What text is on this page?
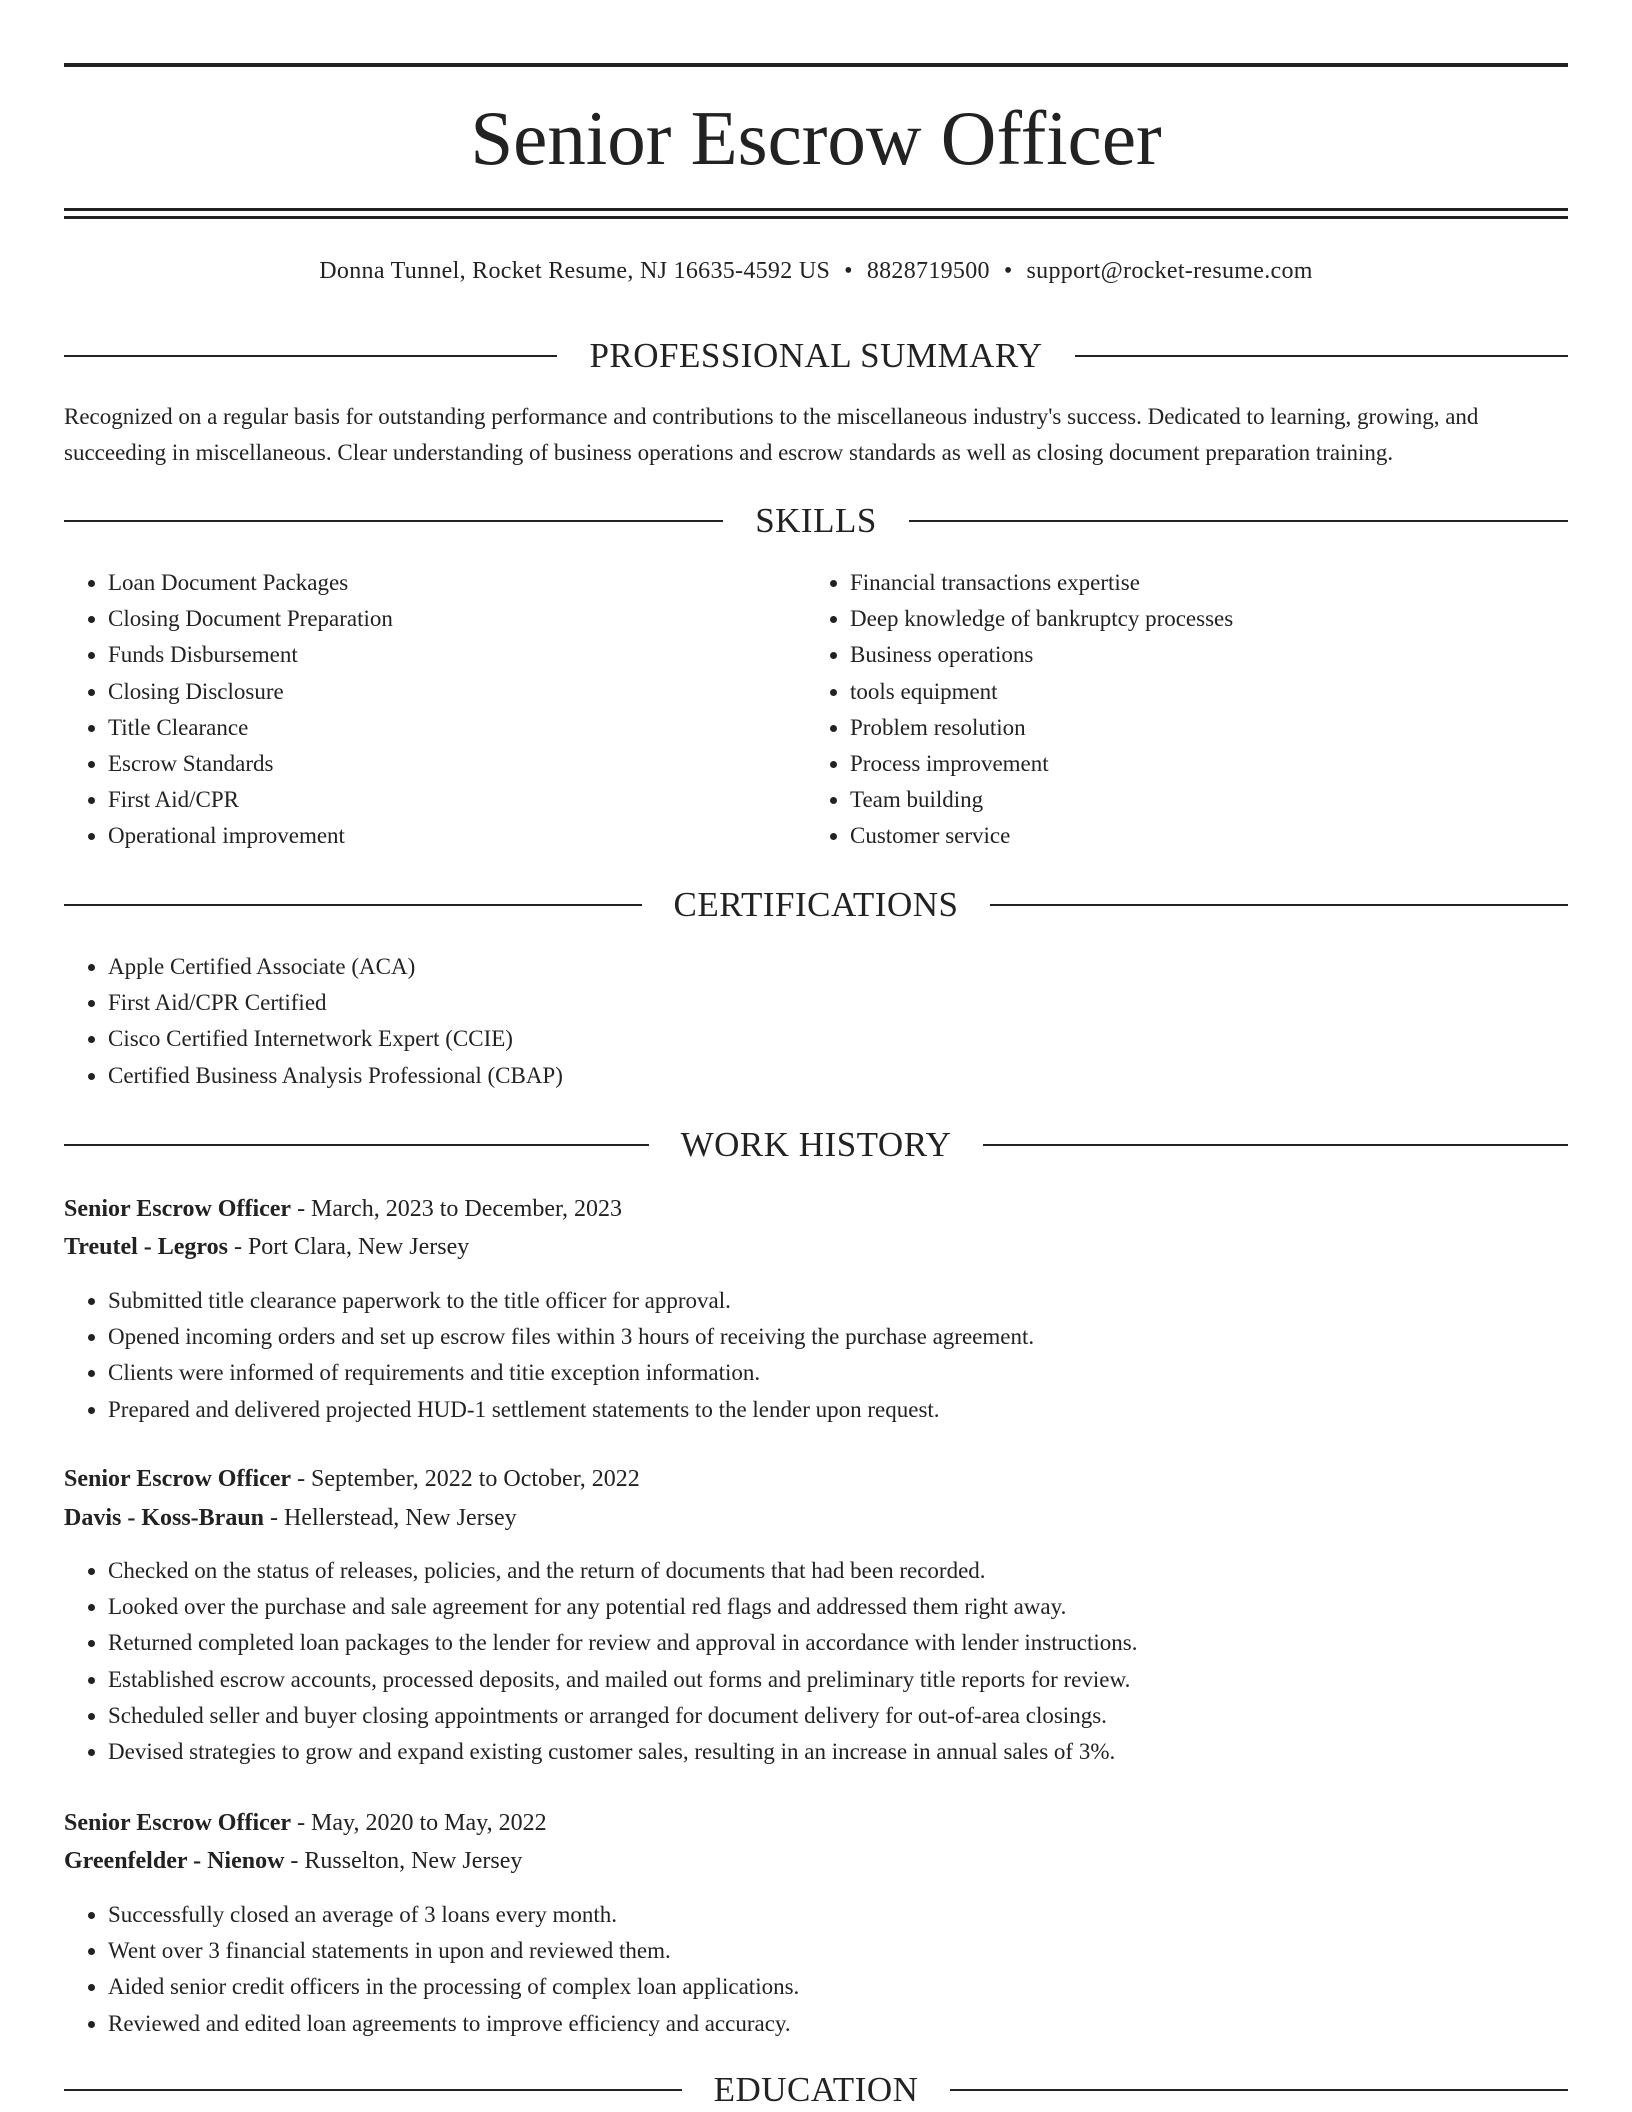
Senior Escrow Officer
Donna Tunnel, Rocket Resume, NJ 16635-4592 US • 8828719500 • support@rocket-resume.com
PROFESSIONAL SUMMARY
Recognized on a regular basis for outstanding performance and contributions to the miscellaneous industry's success. Dedicated to learning, growing, and succeeding in miscellaneous. Clear understanding of business operations and escrow standards as well as closing document preparation training.
SKILLS
• Loan Document Packages
• Closing Document Preparation
• Funds Disbursement
• Closing Disclosure
• Title Clearance
• Escrow Standards
• First Aid/CPR
• Operational improvement
• Financial transactions expertise
• Deep knowledge of bankruptcy processes
• Business operations
• tools equipment
• Problem resolution
• Process improvement
• Team building
• Customer service
CERTIFICATIONS
• Apple Certified Associate (ACA)
• First Aid/CPR Certified
• Cisco Certified Internetwork Expert (CCIE)
• Certified Business Analysis Professional (CBAP)
WORK HISTORY
Senior Escrow Officer - March, 2023 to December, 2023
Treutel - Legros - Port Clara, New Jersey
• Submitted title clearance paperwork to the title officer for approval.
• Opened incoming orders and set up escrow files within 3 hours of receiving the purchase agreement.
• Clients were informed of requirements and titie exception information.
• Prepared and delivered projected HUD-1 settlement statements to the lender upon request.
Senior Escrow Officer - September, 2022 to October, 2022
Davis - Koss-Braun - Hellerstead, New Jersey
• Checked on the status of releases, policies, and the return of documents that had been recorded.
• Looked over the purchase and sale agreement for any potential red flags and addressed them right away.
• Returned completed loan packages to the lender for review and approval in accordance with lender instructions.
• Established escrow accounts, processed deposits, and mailed out forms and preliminary title reports for review.
• Scheduled seller and buyer closing appointments or arranged for document delivery for out-of-area closings.
• Devised strategies to grow and expand existing customer sales, resulting in an increase in annual sales of 3%.
Senior Escrow Officer - May, 2020 to May, 2022
Greenfelder - Nienow - Russelton, New Jersey
• Successfully closed an average of 3 loans every month.
• Went over 3 financial statements in upon and reviewed them.
• Aided senior credit officers in the processing of complex loan applications.
• Reviewed and edited loan agreements to improve efficiency and accuracy.
EDUCATION
